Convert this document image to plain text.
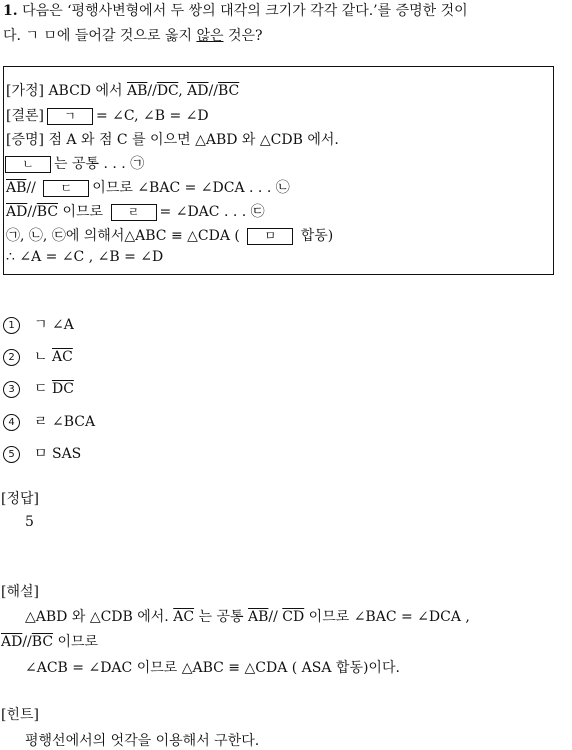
1. 다음은 ‘평행사변형에서 두 쌍의 대각의 크기가 각각 같다.’를 증명한 것이
다. ㄱ ㅁ에 들어갈 것으로 옳지 않은 것은?
[가정] ABCD 에서 $\overline{AB}//\overline{DC}$, $\overline{AD}//\overline{BC}$
[결론] ㄱ = ∠C, ∠B = ∠D
[증명] 점 A 와 점 C 를 이으면 △ABD 와 △CDB 에서.
ㄴ 는 공통 . . . ㉠
$\overline{AB}//$ ㄷ 이므로 ∠BAC = ∠DCA . . . ㉡
$\overline{AD}//\overline{BC}$ 이므로 ㄹ = ∠DAC . . . ㉢
㉠, ㉡, ㉢에 의해서△ABC ≡ △CDA ( ㅁ 합동)
∴ ∠A = ∠C , ∠B = ∠D
1 ㄱ ∠A
2 ㄴ $\overline{AC}$
3 ㄷ $\overline{DC}$
4 ㄹ ∠BCA
5 ㅁ SAS
[정답]
5
[해설]
△ABD 와 △CDB 에서. $\overline{AC}$ 는 공통 $\overline{AB}//$ $\overline{CD}$ 이므로 ∠BAC = ∠DCA ,
$\overline{AD}//\overline{BC}$ 이므로
∠ACB = ∠DAC 이므로 △ABC ≡ △CDA ( ASA 합동)이다.
[힌트]
평행선에서의 엇각을 이용해서 구한다.
